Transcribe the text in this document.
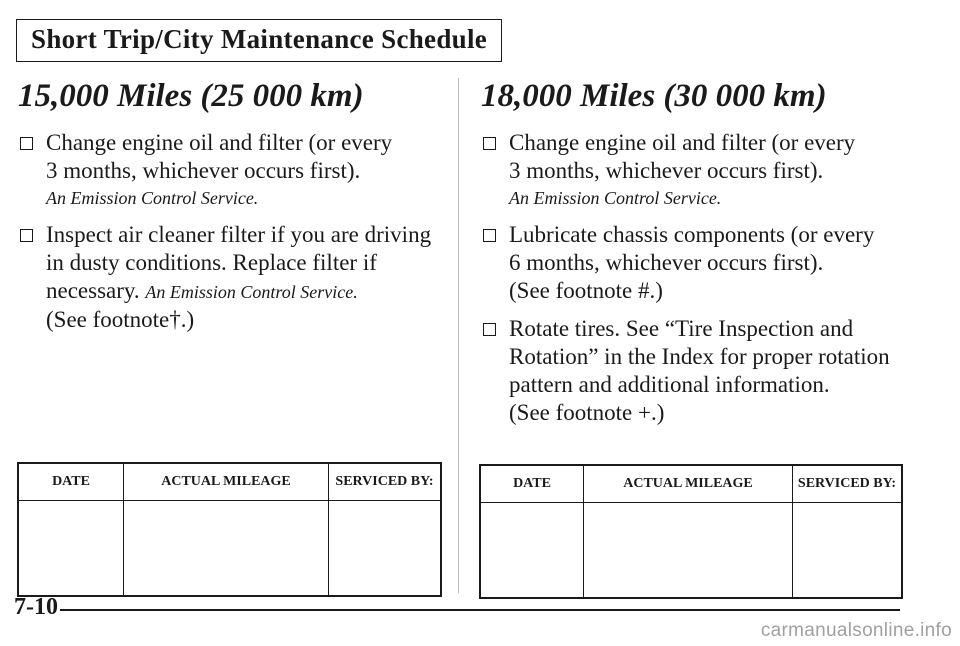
Short Trip/City Maintenance Schedule
15,000 Miles (25 000 km)
Change engine oil and filter (or every
3 months, whichever occurs first).
An Emission Control Service.
Inspect air cleaner filter if you are driving
in dusty conditions. Replace filter if
necessary. An Emission Control Service.
(See footnote†.)
18,000 Miles (30 000 km)
Change engine oil and filter (or every
3 months, whichever occurs first).
An Emission Control Service.
Lubricate chassis components (or every
6 months, whichever occurs first).
(See footnote #.)
Rotate tires. See “Tire Inspection and
Rotation” in the Index for proper rotation
pattern and additional information.
(See footnote +.)
DATE	ACTUAL MILEAGE	SERVICED BY:
			DATE	ACTUAL MILEAGE	SERVICED BY:

7-10
carmanualsonline.info
